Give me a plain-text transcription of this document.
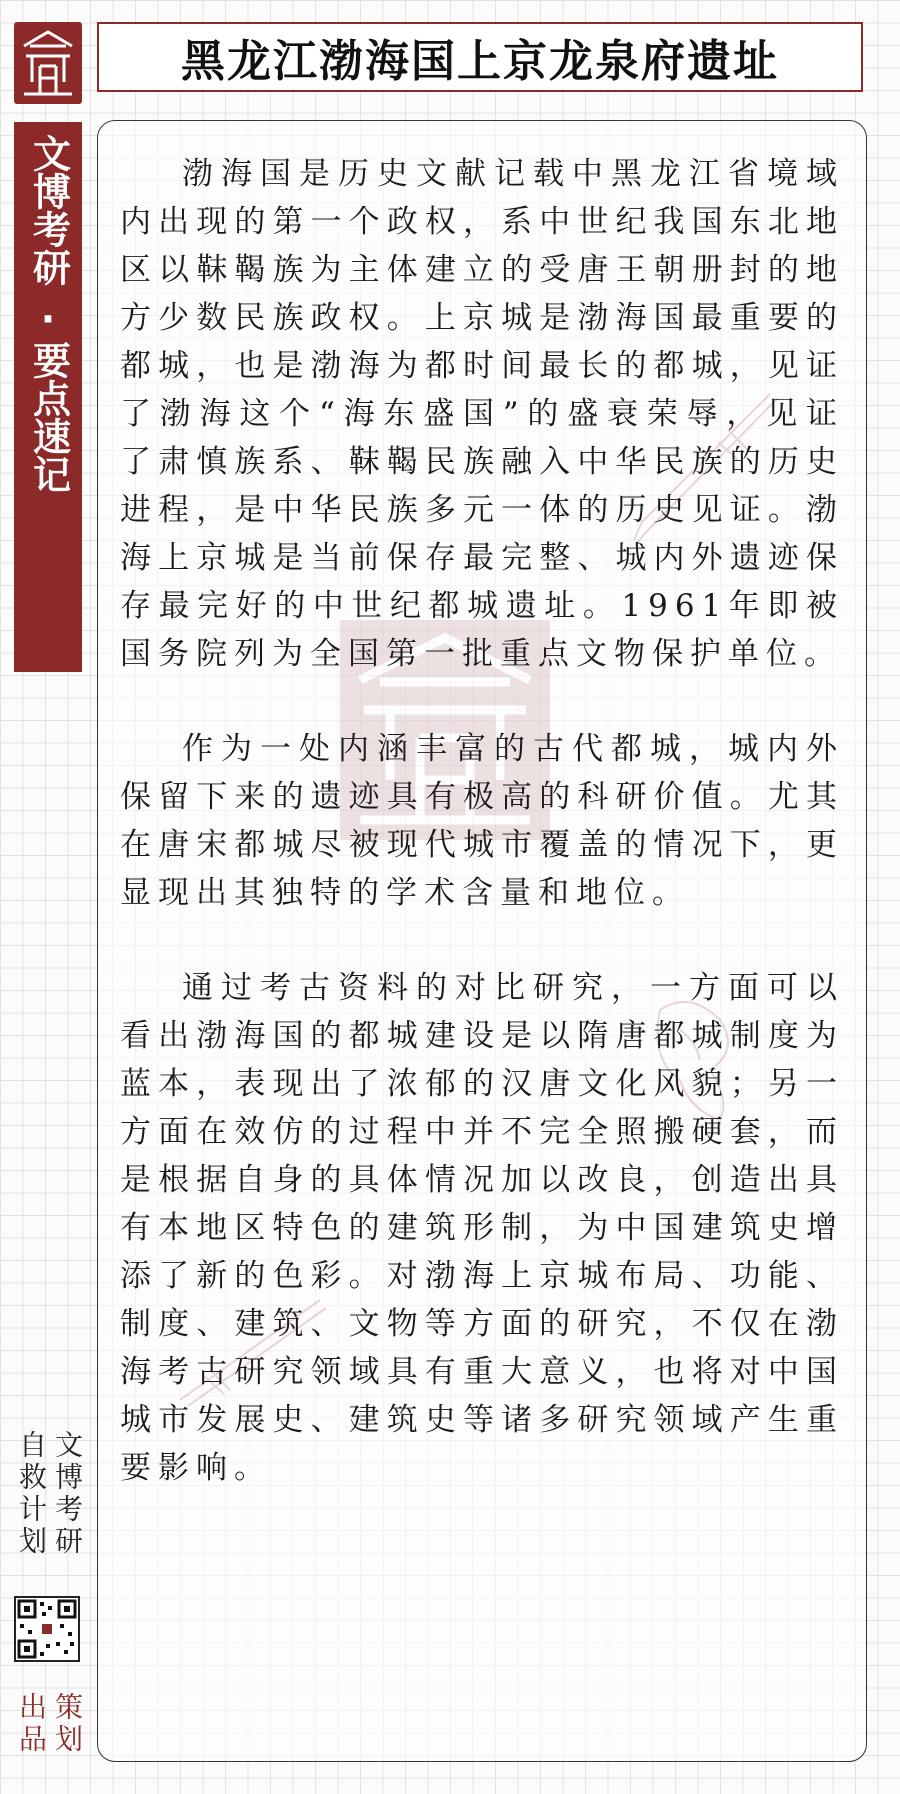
黑龙江渤海国上京龙泉府遗址
文博考研
·
要点速记

渤海国是历史文献记载中黑龙江省境域内出现的第一个政权，系中世纪我国东北地区以靺鞨族为主体建立的受唐王朝册封的地方少数民族政权。上京城是渤海国最重要的都城，也是渤海为都时间最长的都城，见证了渤海这个“海东盛国”的盛衰荣辱，见证了肃慎族系、靺鞨民族融入中华民族的历史进程，是中华民族多元一体的历史见证。渤海上京城是当前保存最完整、城内外遗迹保存最完好的中世纪都城遗址。1961年即被国务院列为全国第一批重点文物保护单位。

作为一处内涵丰富的古代都城，城内外保留下来的遗迹具有极高的科研价值。尤其在唐宋都城尽被现代城市覆盖的情况下，更显现出其独特的学术含量和地位。

通过考古资料的对比研究，一方面可以看出渤海国的都城建设是以隋唐都城制度为蓝本，表现出了浓郁的汉唐文化风貌；另一方面在效仿的过程中并不完全照搬硬套，而是根据自身的具体情况加以改良，创造出具有本地区特色的建筑形制，为中国建筑史增添了新的色彩。对渤海上京城布局、功能、制度、建筑、文物等方面的研究，不仅在渤海考古研究领域具有重大意义，也将对中国城市发展史、建筑史等诸多研究领域产生重要影响。

文博考研
自救计划
策划
出品
